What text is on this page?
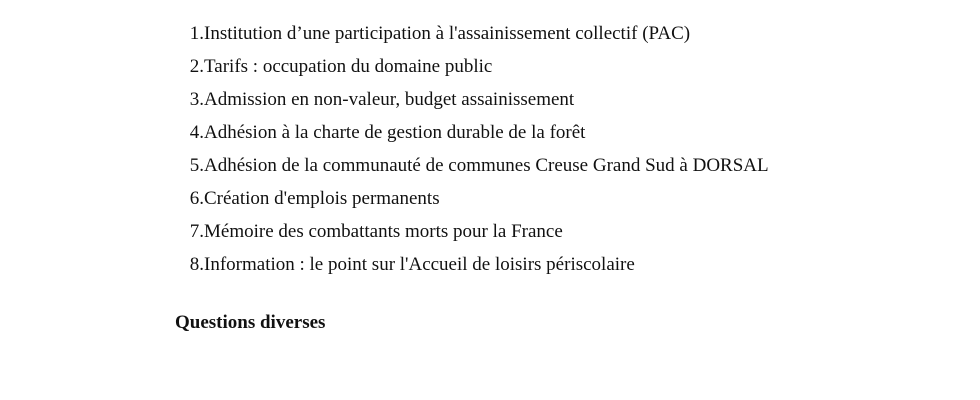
1. Institution d’une participation à l'assainissement collectif (PAC)
2. Tarifs : occupation du domaine public
3. Admission en non-valeur, budget assainissement
4. Adhésion à la charte de gestion durable de la forêt
5. Adhésion de la communauté de communes Creuse Grand Sud à DORSAL
6. Création d'emplois permanents
7. Mémoire des combattants morts pour la France
8. Information : le point sur l'Accueil de loisirs périscolaire
Questions diverses
